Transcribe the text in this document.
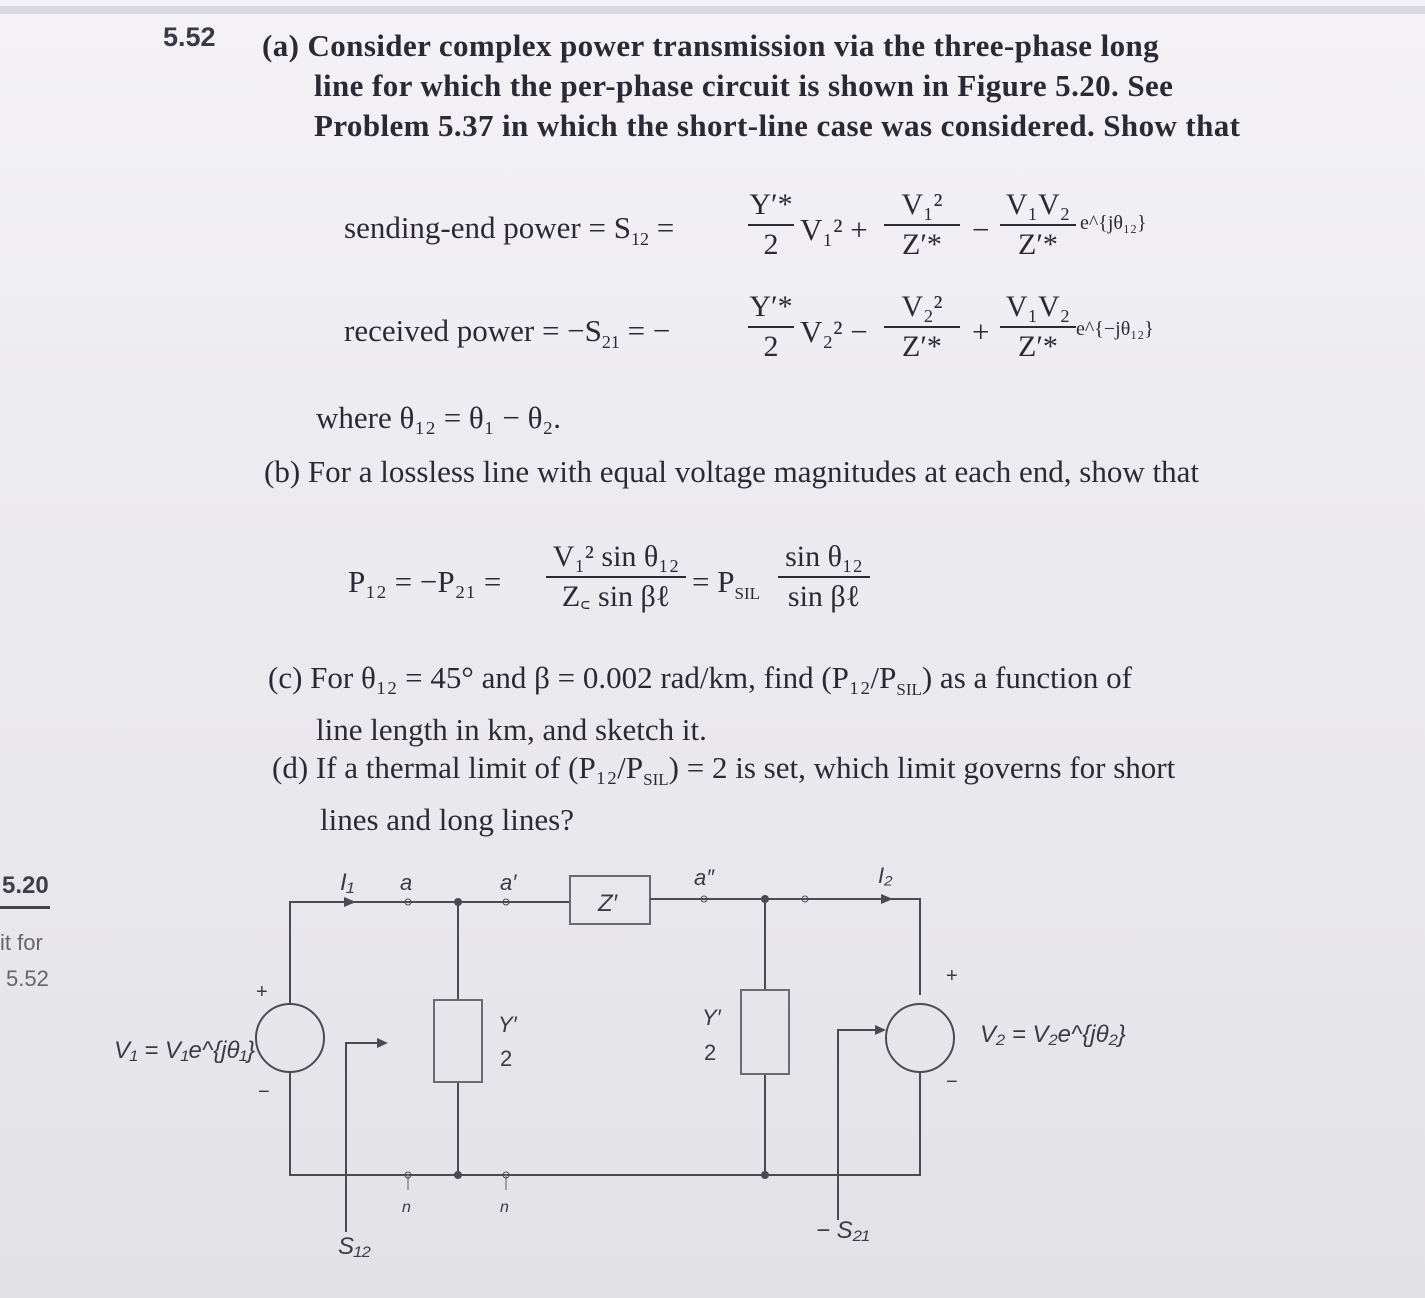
5.52 (a) Consider complex power transmission via the three-phase long
line for which the per-phase circuit is shown in Figure 5.20. See
Problem 5.37 in which the short-line case was considered. Show that
sending-end power = $S_{12}$ =
Y′*
2 V₁² +
V₁²
Z′* −
V₁V₂
Z′*
e^{jθ₁₂}
received power = $-S_{21}$ = −
Y′*
2 V₂² −
V₂²
Z′* +
V₁V₂
Z′*
e^{−jθ₁₂}
where θ₁₂ = θ₁ − θ₂.
(b) For a lossless line with equal voltage magnitudes at each end, show that
P₁₂ = −P₂₁ =
V₁² sin θ₁₂
Z꜀ sin βℓ = $P_{SIL}$
sin θ₁₂
sin βℓ
(c) For θ₁₂ = 45° and β = 0.002 rad/km, find $(P_{12}/P_{SIL})$ as a function of
line length in km, and sketch it.
(d) If a thermal limit of $(P_{12}/P_{SIL}) = 2$ is set, which limit governs for short
lines and long lines?
5.20
it for
5.52
I₁ a	a′
Z′
a″	I₂
+
−
+
−
V₁ = V₁e^{jθ₁}
V₂ = V₂e^{jθ₂}
Y′
2
Y′
2
n	n
S₁₂
− S₂₁
